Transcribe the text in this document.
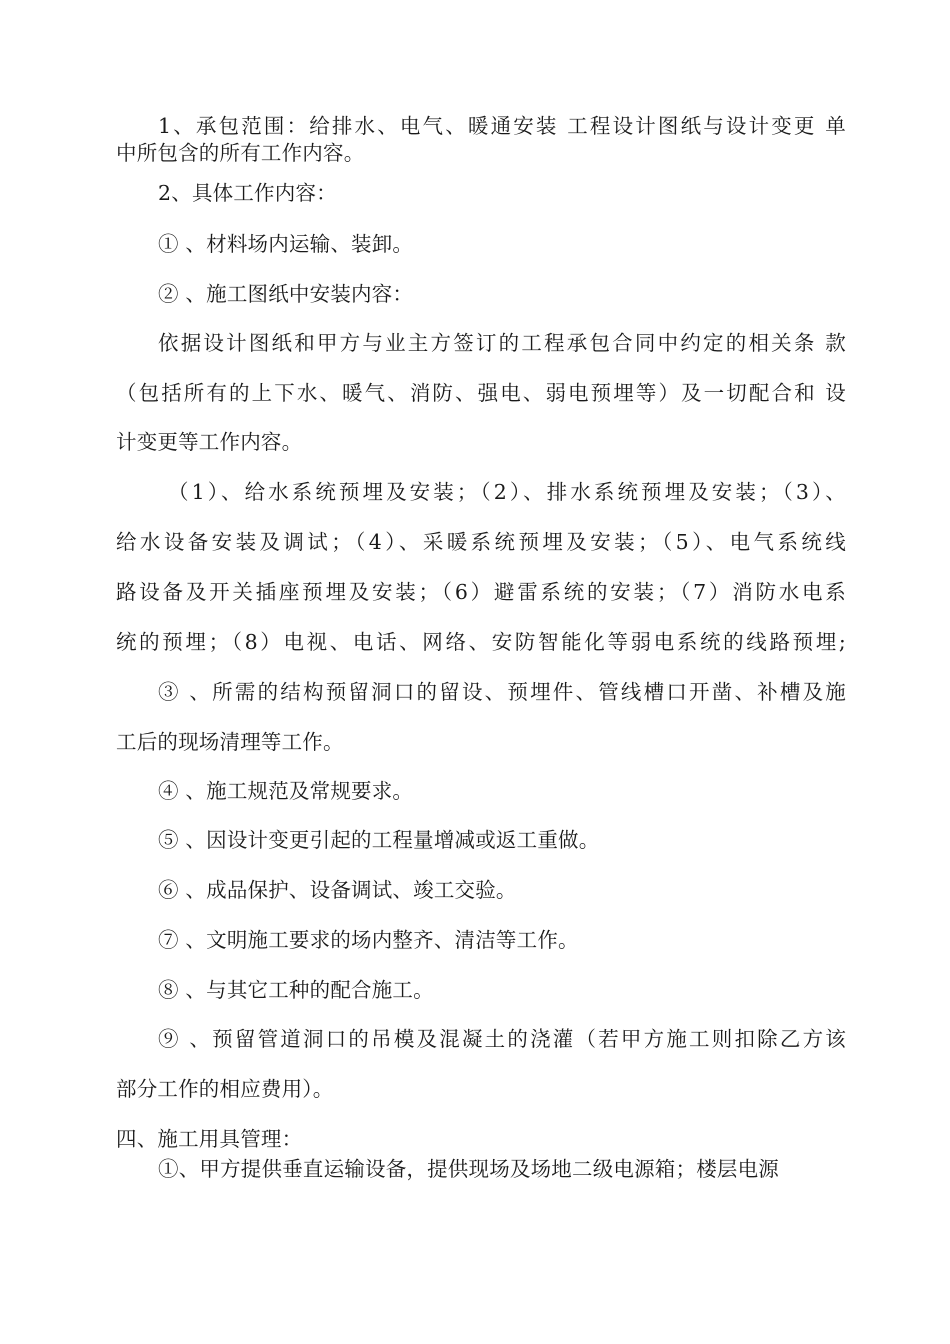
1、承包范围：给排水、电气、暖通安装 工程设计图纸与设计变更 单
中所包含的所有工作内容。
2、具体工作内容：
① 、材料场内运输、装卸。
② 、施工图纸中安装内容：
依据设计图纸和甲方与业主方签订的工程承包合同中约定的相关条 款
（包括所有的上下水、暖气、消防、强电、弱电预埋等）及一切配合和 设
计变更等工作内容。
（1）、给水系统预埋及安装；（2）、排水系统预埋及安装；（3）、
给水设备安装及调试；（4）、采暖系统预埋及安装；（5）、电气系统线
路设备及开关插座预埋及安装；（6）避雷系统的安装；（7）消防水电系
统的预埋；（8）电视、电话、网络、安防智能化等弱电系统的线路预埋;
③ 、所需的结构预留洞口的留设、预埋件、管线槽口开凿、补槽及施
工后的现场清理等工作。
④ 、施工规范及常规要求。
⑤ 、因设计变更引起的工程量增减或返工重做。
⑥ 、成品保护、设备调试、竣工交验。
⑦ 、文明施工要求的场内整齐、清洁等工作。
⑧ 、与其它工种的配合施工。
⑨ 、预留管道洞口的吊模及混凝土的浇灌（若甲方施工则扣除乙方该
部分工作的相应费用）。
四、施工用具管理：
①、甲方提供垂直运输设备，提供现场及场地二级电源箱；楼层电源
